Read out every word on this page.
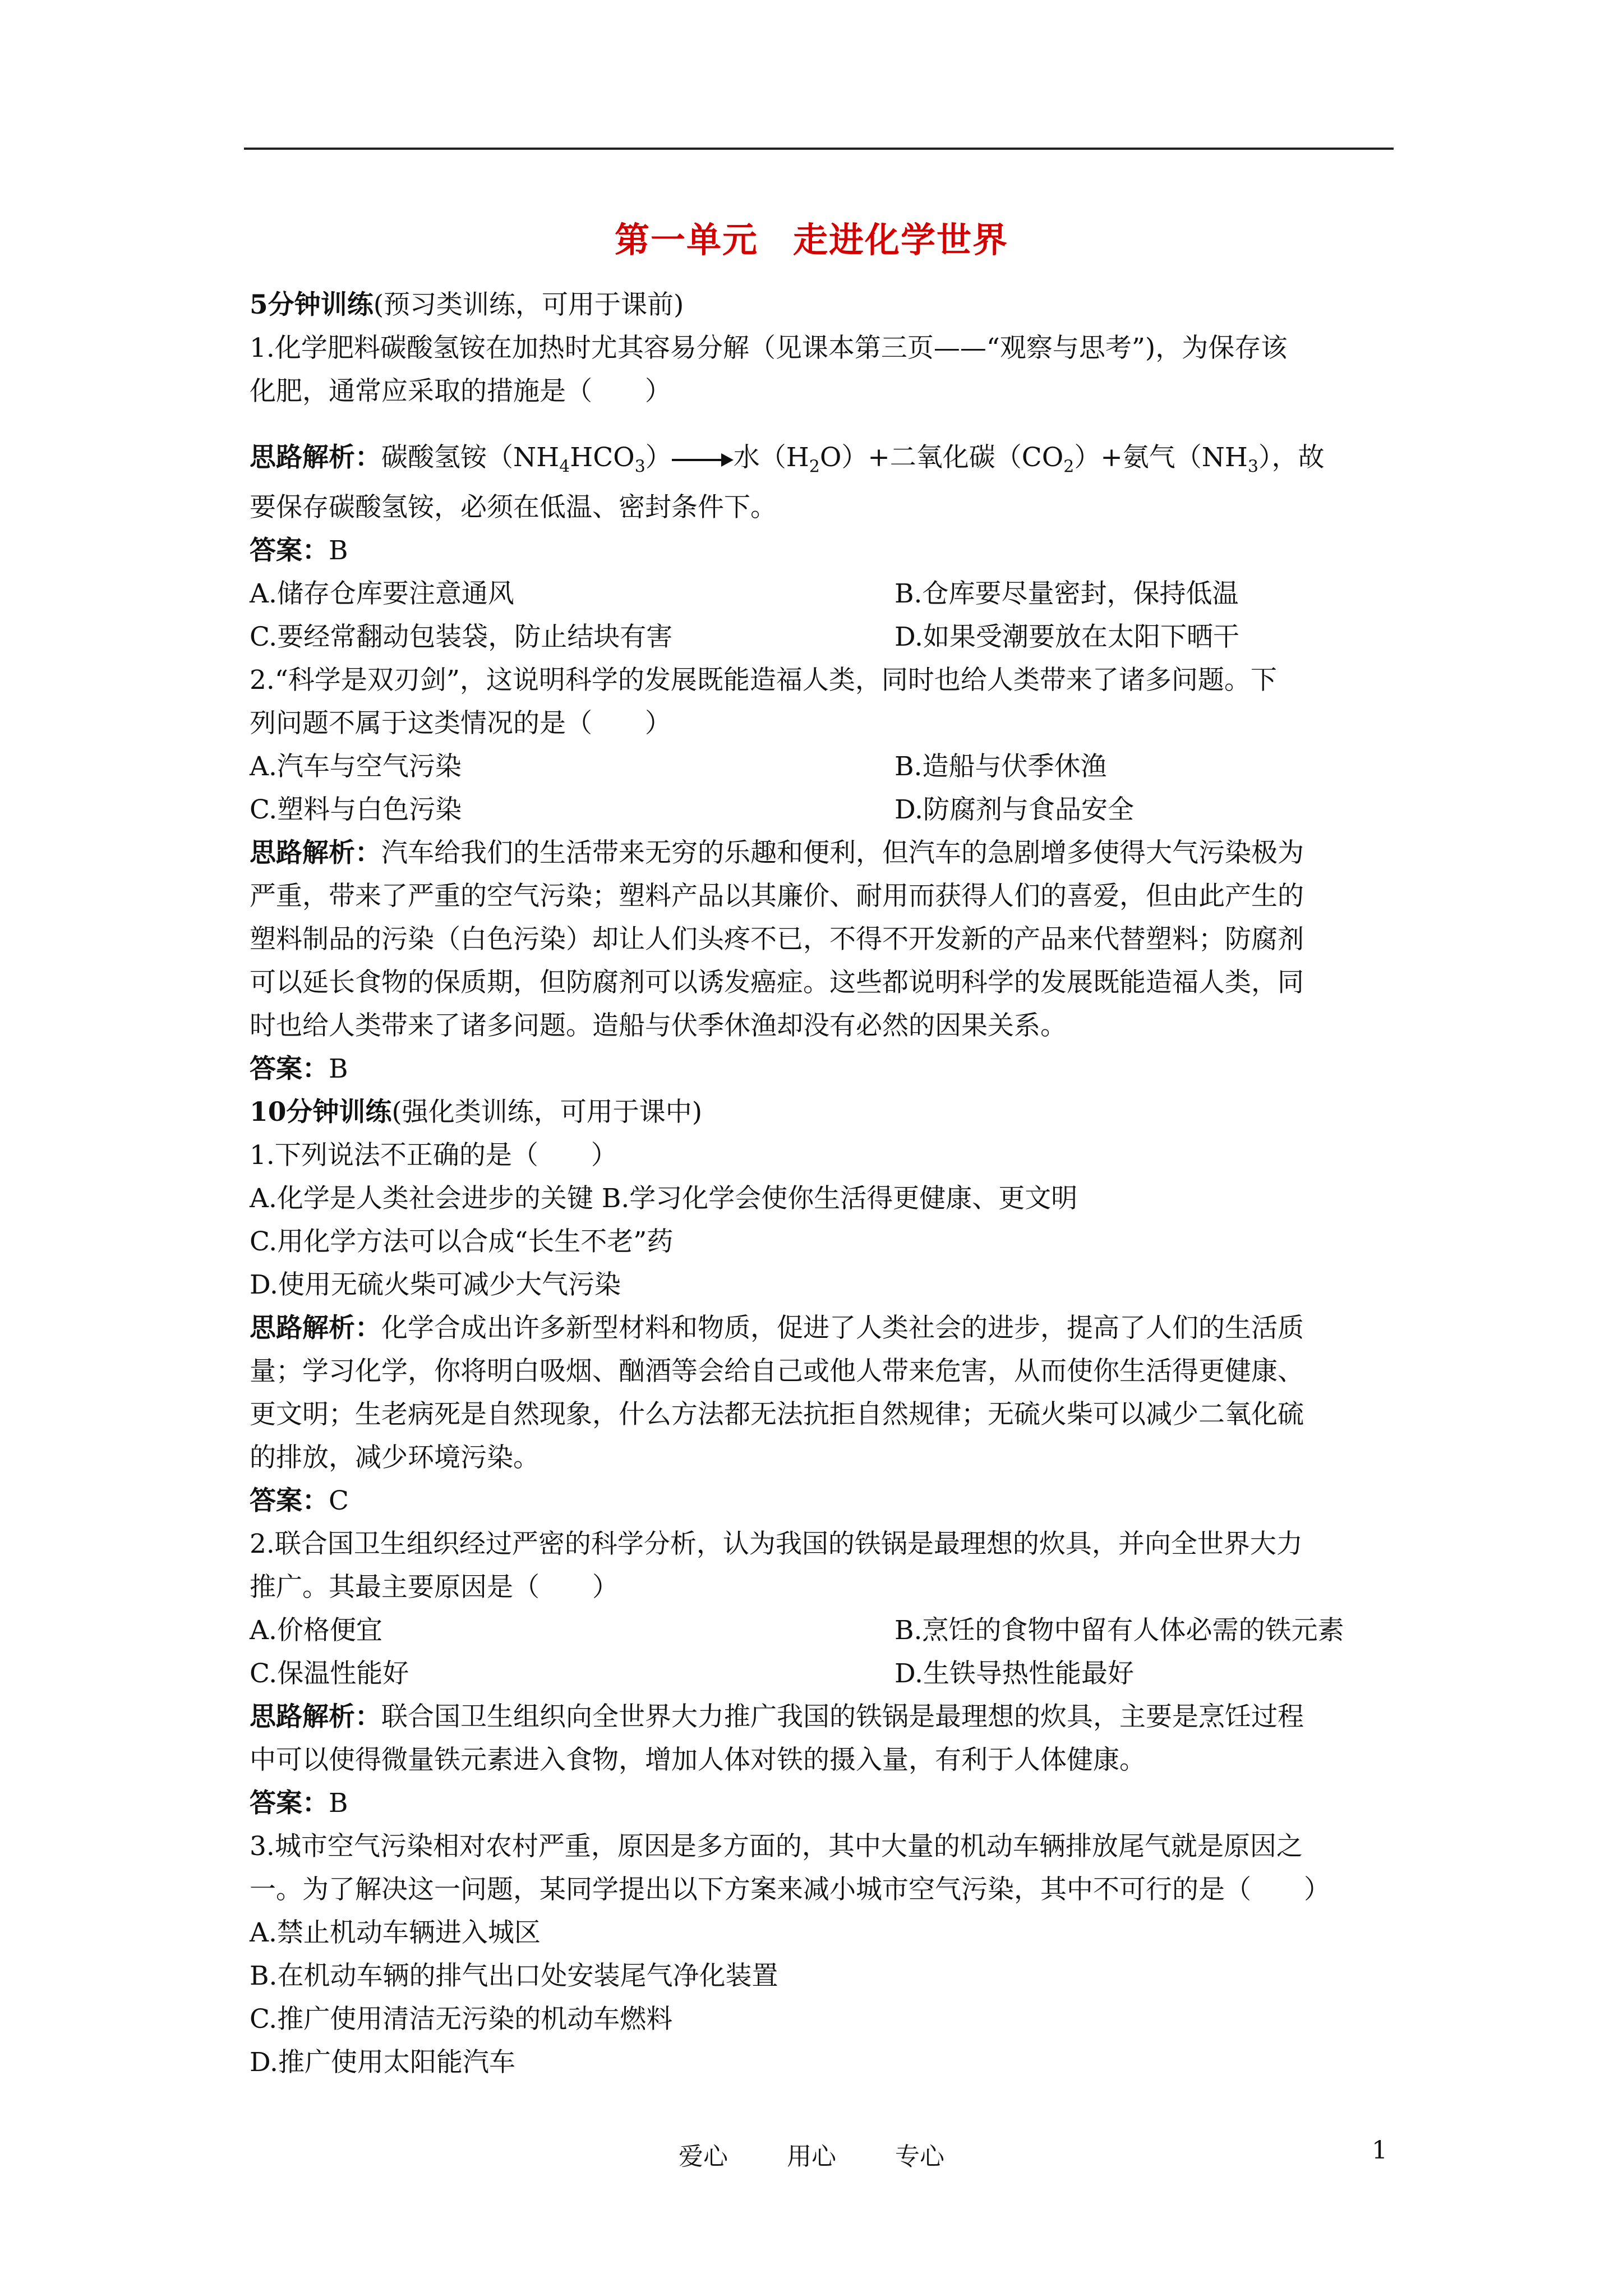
第一单元 走进化学世界
5分钟训练(预习类训练，可用于课前)
1.化学肥料碳酸氢铵在加热时尤其容易分解（见课本第三页——“观察与思考”)，为保存该
化肥，通常应采取的措施是（　　）
思路解析：碳酸氢铵$(NH_4HCO_3)$ 水$(H_2O)+$二氧化碳$(CO_2)+$氨气$(NH_3)$，故
要保存碳酸氢铵，必须在低温、密封条件下。
答案：B
A.储存仓库要注意通风	B.仓库要尽量密封，保持低温
C.要经常翻动包装袋，防止结块有害	D.如果受潮要放在太阳下晒干
2.“科学是双刃剑”，这说明科学的发展既能造福人类，同时也给人类带来了诸多问题。下
列问题不属于这类情况的是（　　）
A.汽车与空气污染	B.造船与伏季休渔
C.塑料与白色污染	D.防腐剂与食品安全
思路解析：汽车给我们的生活带来无穷的乐趣和便利，但汽车的急剧增多使得大气污染极为
严重，带来了严重的空气污染；塑料产品以其廉价、耐用而获得人们的喜爱，但由此产生的
塑料制品的污染（白色污染）却让人们头疼不已，不得不开发新的产品来代替塑料；防腐剂
可以延长食物的保质期，但防腐剂可以诱发癌症。这些都说明科学的发展既能造福人类，同
时也给人类带来了诸多问题。造船与伏季休渔却没有必然的因果关系。
答案：B
10分钟训练(强化类训练，可用于课中)
1.下列说法不正确的是（　　）
A.化学是人类社会进步的关键 B.学习化学会使你生活得更健康、更文明
C.用化学方法可以合成“长生不老”药
D.使用无硫火柴可减少大气污染
思路解析：化学合成出许多新型材料和物质，促进了人类社会的进步，提高了人们的生活质
量；学习化学，你将明白吸烟、酗酒等会给自己或他人带来危害，从而使你生活得更健康、
更文明；生老病死是自然现象，什么方法都无法抗拒自然规律；无硫火柴可以减少二氧化硫
的排放，减少环境污染。
答案：C
2.联合国卫生组织经过严密的科学分析，认为我国的铁锅是最理想的炊具，并向全世界大力
推广。其最主要原因是（　　）
A.价格便宜	B.烹饪的食物中留有人体必需的铁元素
C.保温性能好	D.生铁导热性能最好
思路解析：联合国卫生组织向全世界大力推广我国的铁锅是最理想的炊具，主要是烹饪过程
中可以使得微量铁元素进入食物，增加人体对铁的摄入量，有利于人体健康。
答案：B
3.城市空气污染相对农村严重，原因是多方面的，其中大量的机动车辆排放尾气就是原因之
一。为了解决这一问题，某同学提出以下方案来减小城市空气污染，其中不可行的是（　　）
A.禁止机动车辆进入城区
B.在机动车辆的排气出口处安装尾气净化装置
C.推广使用清洁无污染的机动车燃料
D.推广使用太阳能汽车
爱心 用心 专心	1
